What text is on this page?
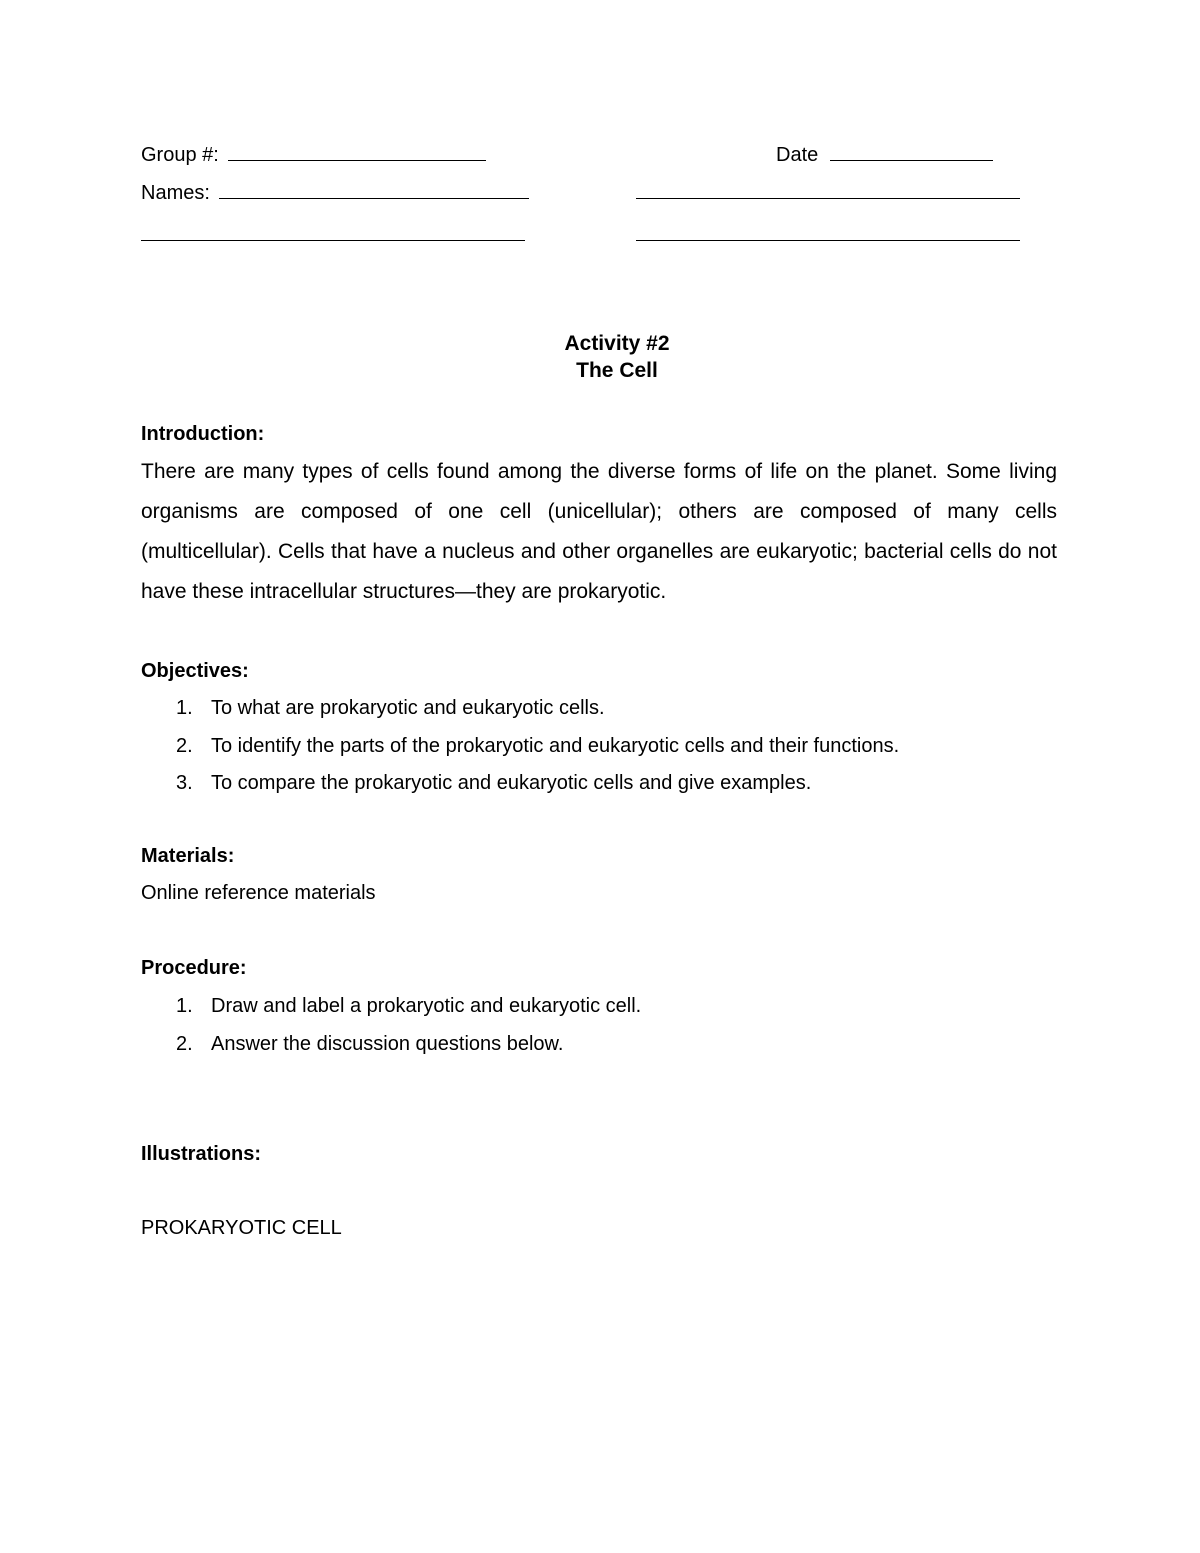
Group #:	Date
Names:
Activity #2
The Cell
Introduction:
There are many types of cells found among the diverse forms of life on the planet. Some living organisms are composed of one cell (unicellular); others are composed of many cells (multicellular). Cells that have a nucleus and other organelles are eukaryotic; bacterial cells do not have these intracellular structures—they are prokaryotic.
Objectives:
1. To what are prokaryotic and eukaryotic cells.
2. To identify the parts of the prokaryotic and eukaryotic cells and their functions.
3. To compare the prokaryotic and eukaryotic cells and give examples.
Materials:
Online reference materials
Procedure:
1. Draw and label a prokaryotic and eukaryotic cell.
2. Answer the discussion questions below.
Illustrations:
PROKARYOTIC CELL
